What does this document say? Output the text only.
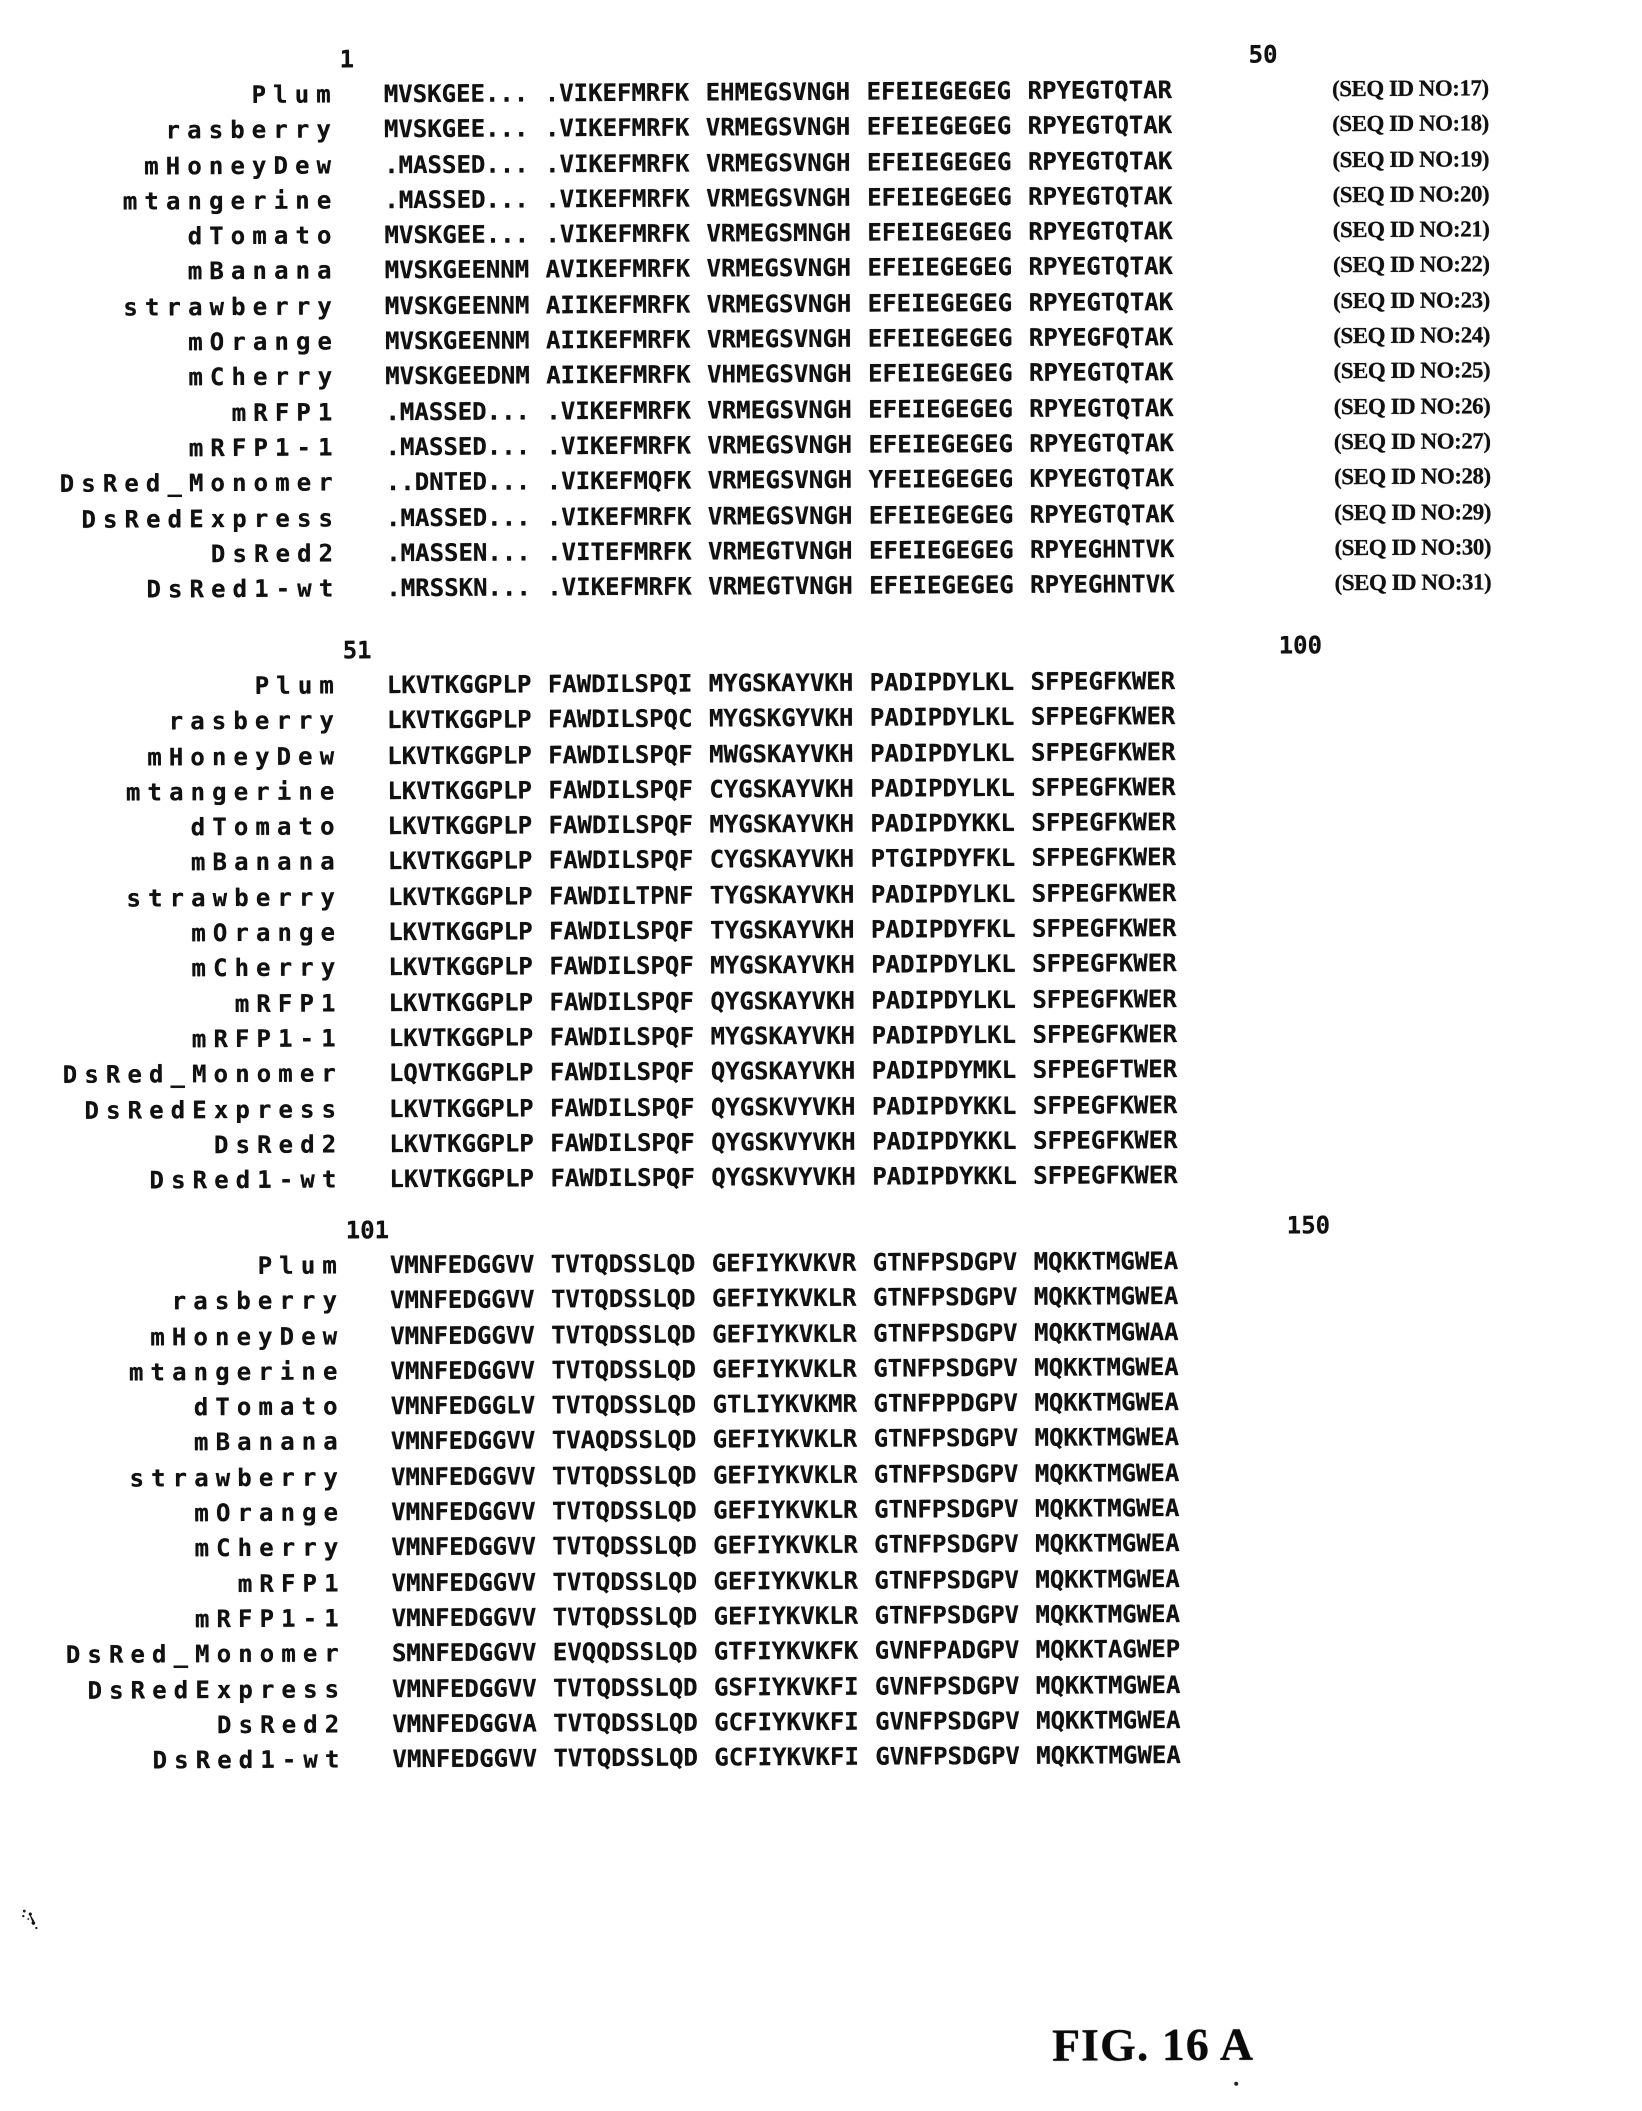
1	50
Plum MVSKGEE... .VIKEFMRFK EHMEGSVNGH EFEIEGEGEG RPYEGTQTAR	(SEQ ID NO:17)
rasberry MVSKGEE... .VIKEFMRFK VRMEGSVNGH EFEIEGEGEG RPYEGTQTAK	(SEQ ID NO:18)
mHoneyDew .MASSED... .VIKEFMRFK VRMEGSVNGH EFEIEGEGEG RPYEGTQTAK	(SEQ ID NO:19)
mtangerine .MASSED... .VIKEFMRFK VRMEGSVNGH EFEIEGEGEG RPYEGTQTAK	(SEQ ID NO:20)
dTomato MVSKGEE... .VIKEFMRFK VRMEGSMNGH EFEIEGEGEG RPYEGTQTAK	(SEQ ID NO:21)
mBanana MVSKGEENNM AVIKEFMRFK VRMEGSVNGH EFEIEGEGEG RPYEGTQTAK	(SEQ ID NO:22)
strawberry MVSKGEENNM AIIKEFMRFK VRMEGSVNGH EFEIEGEGEG RPYEGTQTAK	(SEQ ID NO:23)
mOrange MVSKGEENNM AIIKEFMRFK VRMEGSVNGH EFEIEGEGEG RPYEGFQTAK	(SEQ ID NO:24)
mCherry MVSKGEEDNM AIIKEFMRFK VHMEGSVNGH EFEIEGEGEG RPYEGTQTAK	(SEQ ID NO:25)
mRFP1 .MASSED... .VIKEFMRFK VRMEGSVNGH EFEIEGEGEG RPYEGTQTAK	(SEQ ID NO:26)
mRFP1-1 .MASSED... .VIKEFMRFK VRMEGSVNGH EFEIEGEGEG RPYEGTQTAK	(SEQ ID NO:27)
DsRed_Monomer ..DNTED... .VIKEFMQFK VRMEGSVNGH YFEIEGEGEG KPYEGTQTAK	(SEQ ID NO:28)
DsRedExpress .MASSED... .VIKEFMRFK VRMEGSVNGH EFEIEGEGEG RPYEGTQTAK	(SEQ ID NO:29)
DsRed2 .MASSEN... .VITEFMRFK VRMEGTVNGH EFEIEGEGEG RPYEGHNTVK	(SEQ ID NO:30)
DsRed1-wt .MRSSKN... .VIKEFMRFK VRMEGTVNGH EFEIEGEGEG RPYEGHNTVK	(SEQ ID NO:31)
51	100
Plum LKVTKGGPLP FAWDILSPQI MYGSKAYVKH PADIPDYLKL SFPEGFKWER
rasberry LKVTKGGPLP FAWDILSPQC MYGSKGYVKH PADIPDYLKL SFPEGFKWER
mHoneyDew LKVTKGGPLP FAWDILSPQF MWGSKAYVKH PADIPDYLKL SFPEGFKWER
mtangerine LKVTKGGPLP FAWDILSPQF CYGSKAYVKH PADIPDYLKL SFPEGFKWER
dTomato LKVTKGGPLP FAWDILSPQF MYGSKAYVKH PADIPDYKKL SFPEGFKWER
mBanana LKVTKGGPLP FAWDILSPQF CYGSKAYVKH PTGIPDYFKL SFPEGFKWER
strawberry LKVTKGGPLP FAWDILTPNF TYGSKAYVKH PADIPDYLKL SFPEGFKWER
mOrange LKVTKGGPLP FAWDILSPQF TYGSKAYVKH PADIPDYFKL SFPEGFKWER
mCherry LKVTKGGPLP FAWDILSPQF MYGSKAYVKH PADIPDYLKL SFPEGFKWER
mRFP1 LKVTKGGPLP FAWDILSPQF QYGSKAYVKH PADIPDYLKL SFPEGFKWER
mRFP1-1 LKVTKGGPLP FAWDILSPQF MYGSKAYVKH PADIPDYLKL SFPEGFKWER
DsRed_Monomer LQVTKGGPLP FAWDILSPQF QYGSKAYVKH PADIPDYMKL SFPEGFTWER
DsRedExpress LKVTKGGPLP FAWDILSPQF QYGSKVYVKH PADIPDYKKL SFPEGFKWER
DsRed2 LKVTKGGPLP FAWDILSPQF QYGSKVYVKH PADIPDYKKL SFPEGFKWER
DsRed1-wt LKVTKGGPLP FAWDILSPQF QYGSKVYVKH PADIPDYKKL SFPEGFKWER
101	150
Plum VMNFEDGGVV TVTQDSSLQD GEFIYKVKVR GTNFPSDGPV MQKKTMGWEA
rasberry VMNFEDGGVV TVTQDSSLQD GEFIYKVKLR GTNFPSDGPV MQKKTMGWEA
mHoneyDew VMNFEDGGVV TVTQDSSLQD GEFIYKVKLR GTNFPSDGPV MQKKTMGWAA
mtangerine VMNFEDGGVV TVTQDSSLQD GEFIYKVKLR GTNFPSDGPV MQKKTMGWEA
dTomato VMNFEDGGLV TVTQDSSLQD GTLIYKVKMR GTNFPPDGPV MQKKTMGWEA
mBanana VMNFEDGGVV TVAQDSSLQD GEFIYKVKLR GTNFPSDGPV MQKKTMGWEA
strawberry VMNFEDGGVV TVTQDSSLQD GEFIYKVKLR GTNFPSDGPV MQKKTMGWEA
mOrange VMNFEDGGVV TVTQDSSLQD GEFIYKVKLR GTNFPSDGPV MQKKTMGWEA
mCherry VMNFEDGGVV TVTQDSSLQD GEFIYKVKLR GTNFPSDGPV MQKKTMGWEA
mRFP1 VMNFEDGGVV TVTQDSSLQD GEFIYKVKLR GTNFPSDGPV MQKKTMGWEA
mRFP1-1 VMNFEDGGVV TVTQDSSLQD GEFIYKVKLR GTNFPSDGPV MQKKTMGWEA
DsRed_Monomer SMNFEDGGVV EVQQDSSLQD GTFIYKVKFK GVNFPADGPV MQKKTAGWEP
DsRedExpress VMNFEDGGVV TVTQDSSLQD GSFIYKVKFI GVNFPSDGPV MQKKTMGWEA
DsRed2 VMNFEDGGVA TVTQDSSLQD GCFIYKVKFI GVNFPSDGPV MQKKTMGWEA
DsRed1-wt VMNFEDGGVV TVTQDSSLQD GCFIYKVKFI GVNFPSDGPV MQKKTMGWEA
FIG. 16 A
